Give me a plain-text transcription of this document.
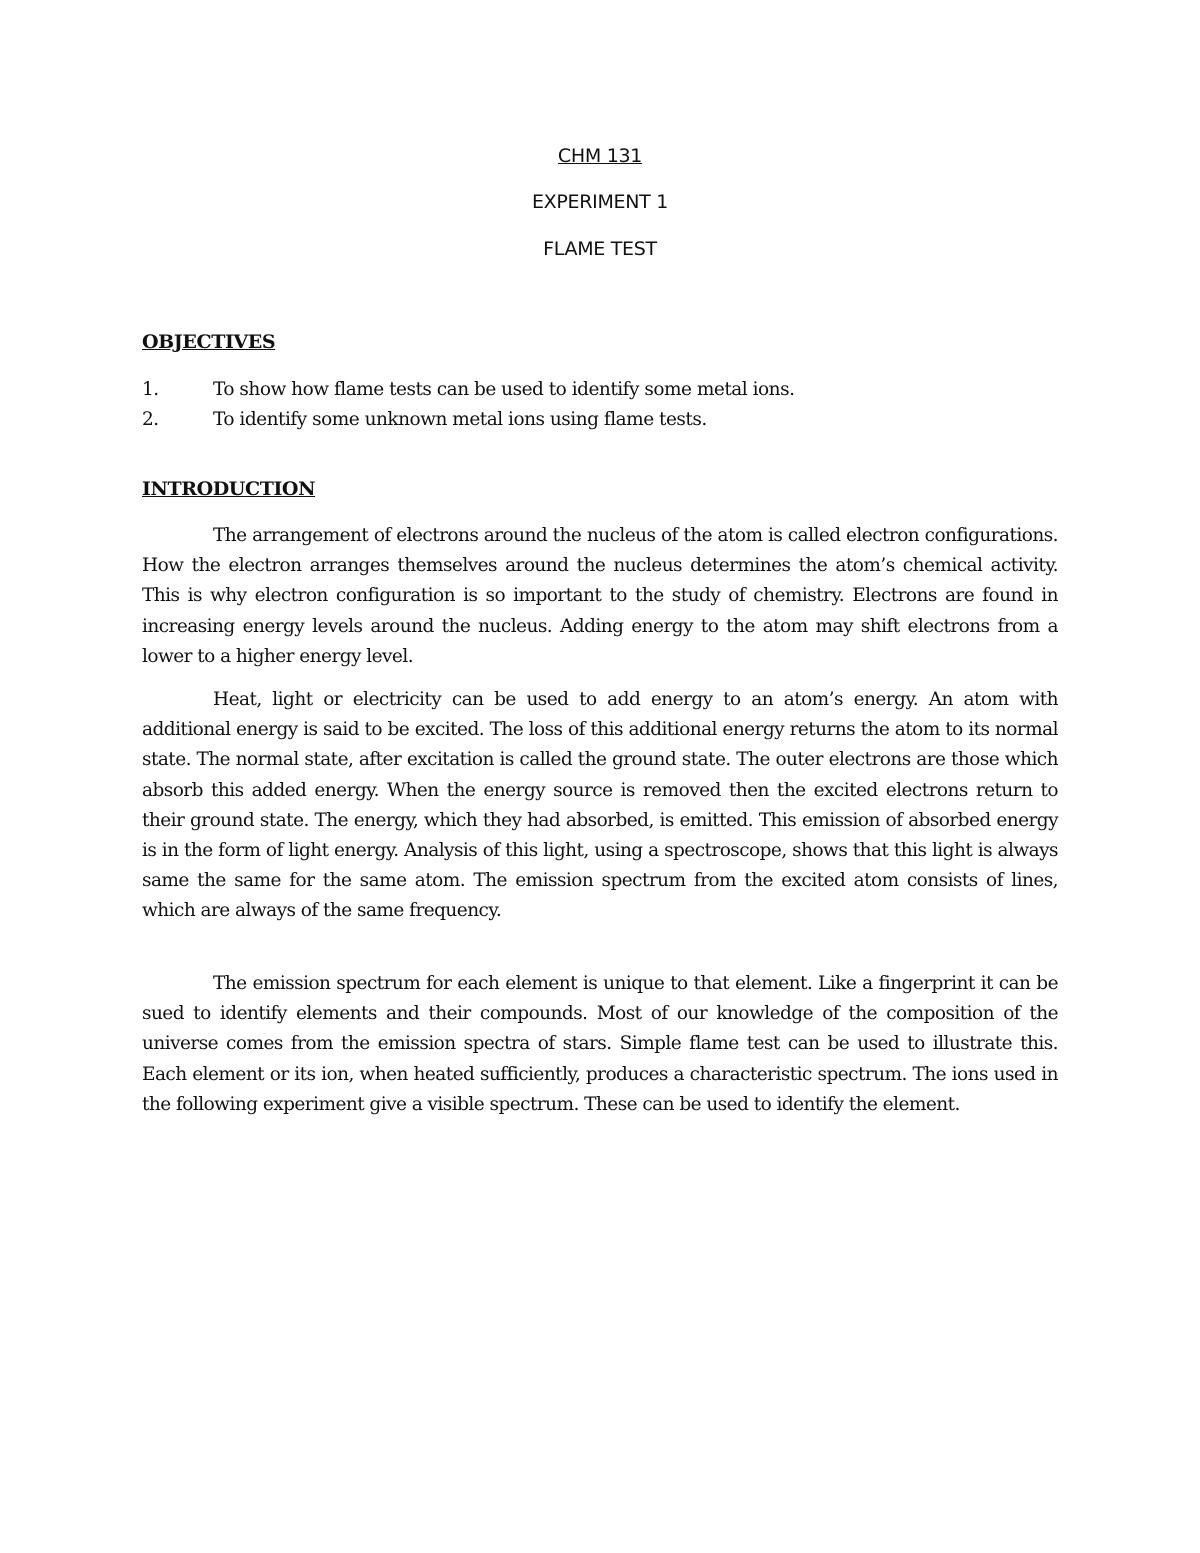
CHM 131
EXPERIMENT 1
FLAME TEST
OBJECTIVES
1.	To show how flame tests can be used to identify some metal ions.
2.	To identify some unknown metal ions using flame tests.
INTRODUCTION

The arrangement of electrons around the nucleus of the atom is called electron configurations. How the electron arranges themselves around the nucleus determines the atom’s chemical activity. This is why electron configuration is so important to the study of chemistry. Electrons are found in increasing energy levels around the nucleus. Adding energy to the atom may shift electrons from a lower to a higher energy level.

Heat, light or electricity can be used to add energy to an atom’s energy. An atom with additional energy is said to be excited. The loss of this additional energy returns the atom to its normal state. The normal state, after excitation is called the ground state. The outer electrons are those which absorb this added energy. When the energy source is removed then the excited electrons return to their ground state. The energy, which they had absorbed, is emitted. This emission of absorbed energy is in the form of light energy. Analysis of this light, using a spectroscope, shows that this light is always same the same for the same atom. The emission spectrum from the excited atom consists of lines, which are always of the same frequency.

The emission spectrum for each element is unique to that element. Like a fingerprint it can be sued to identify elements and their compounds. Most of our knowledge of the composition of the universe comes from the emission spectra of stars. Simple flame test can be used to illustrate this. Each element or its ion, when heated sufficiently, produces a characteristic spectrum. The ions used in the following experiment give a visible spectrum. These can be used to identify the element.
